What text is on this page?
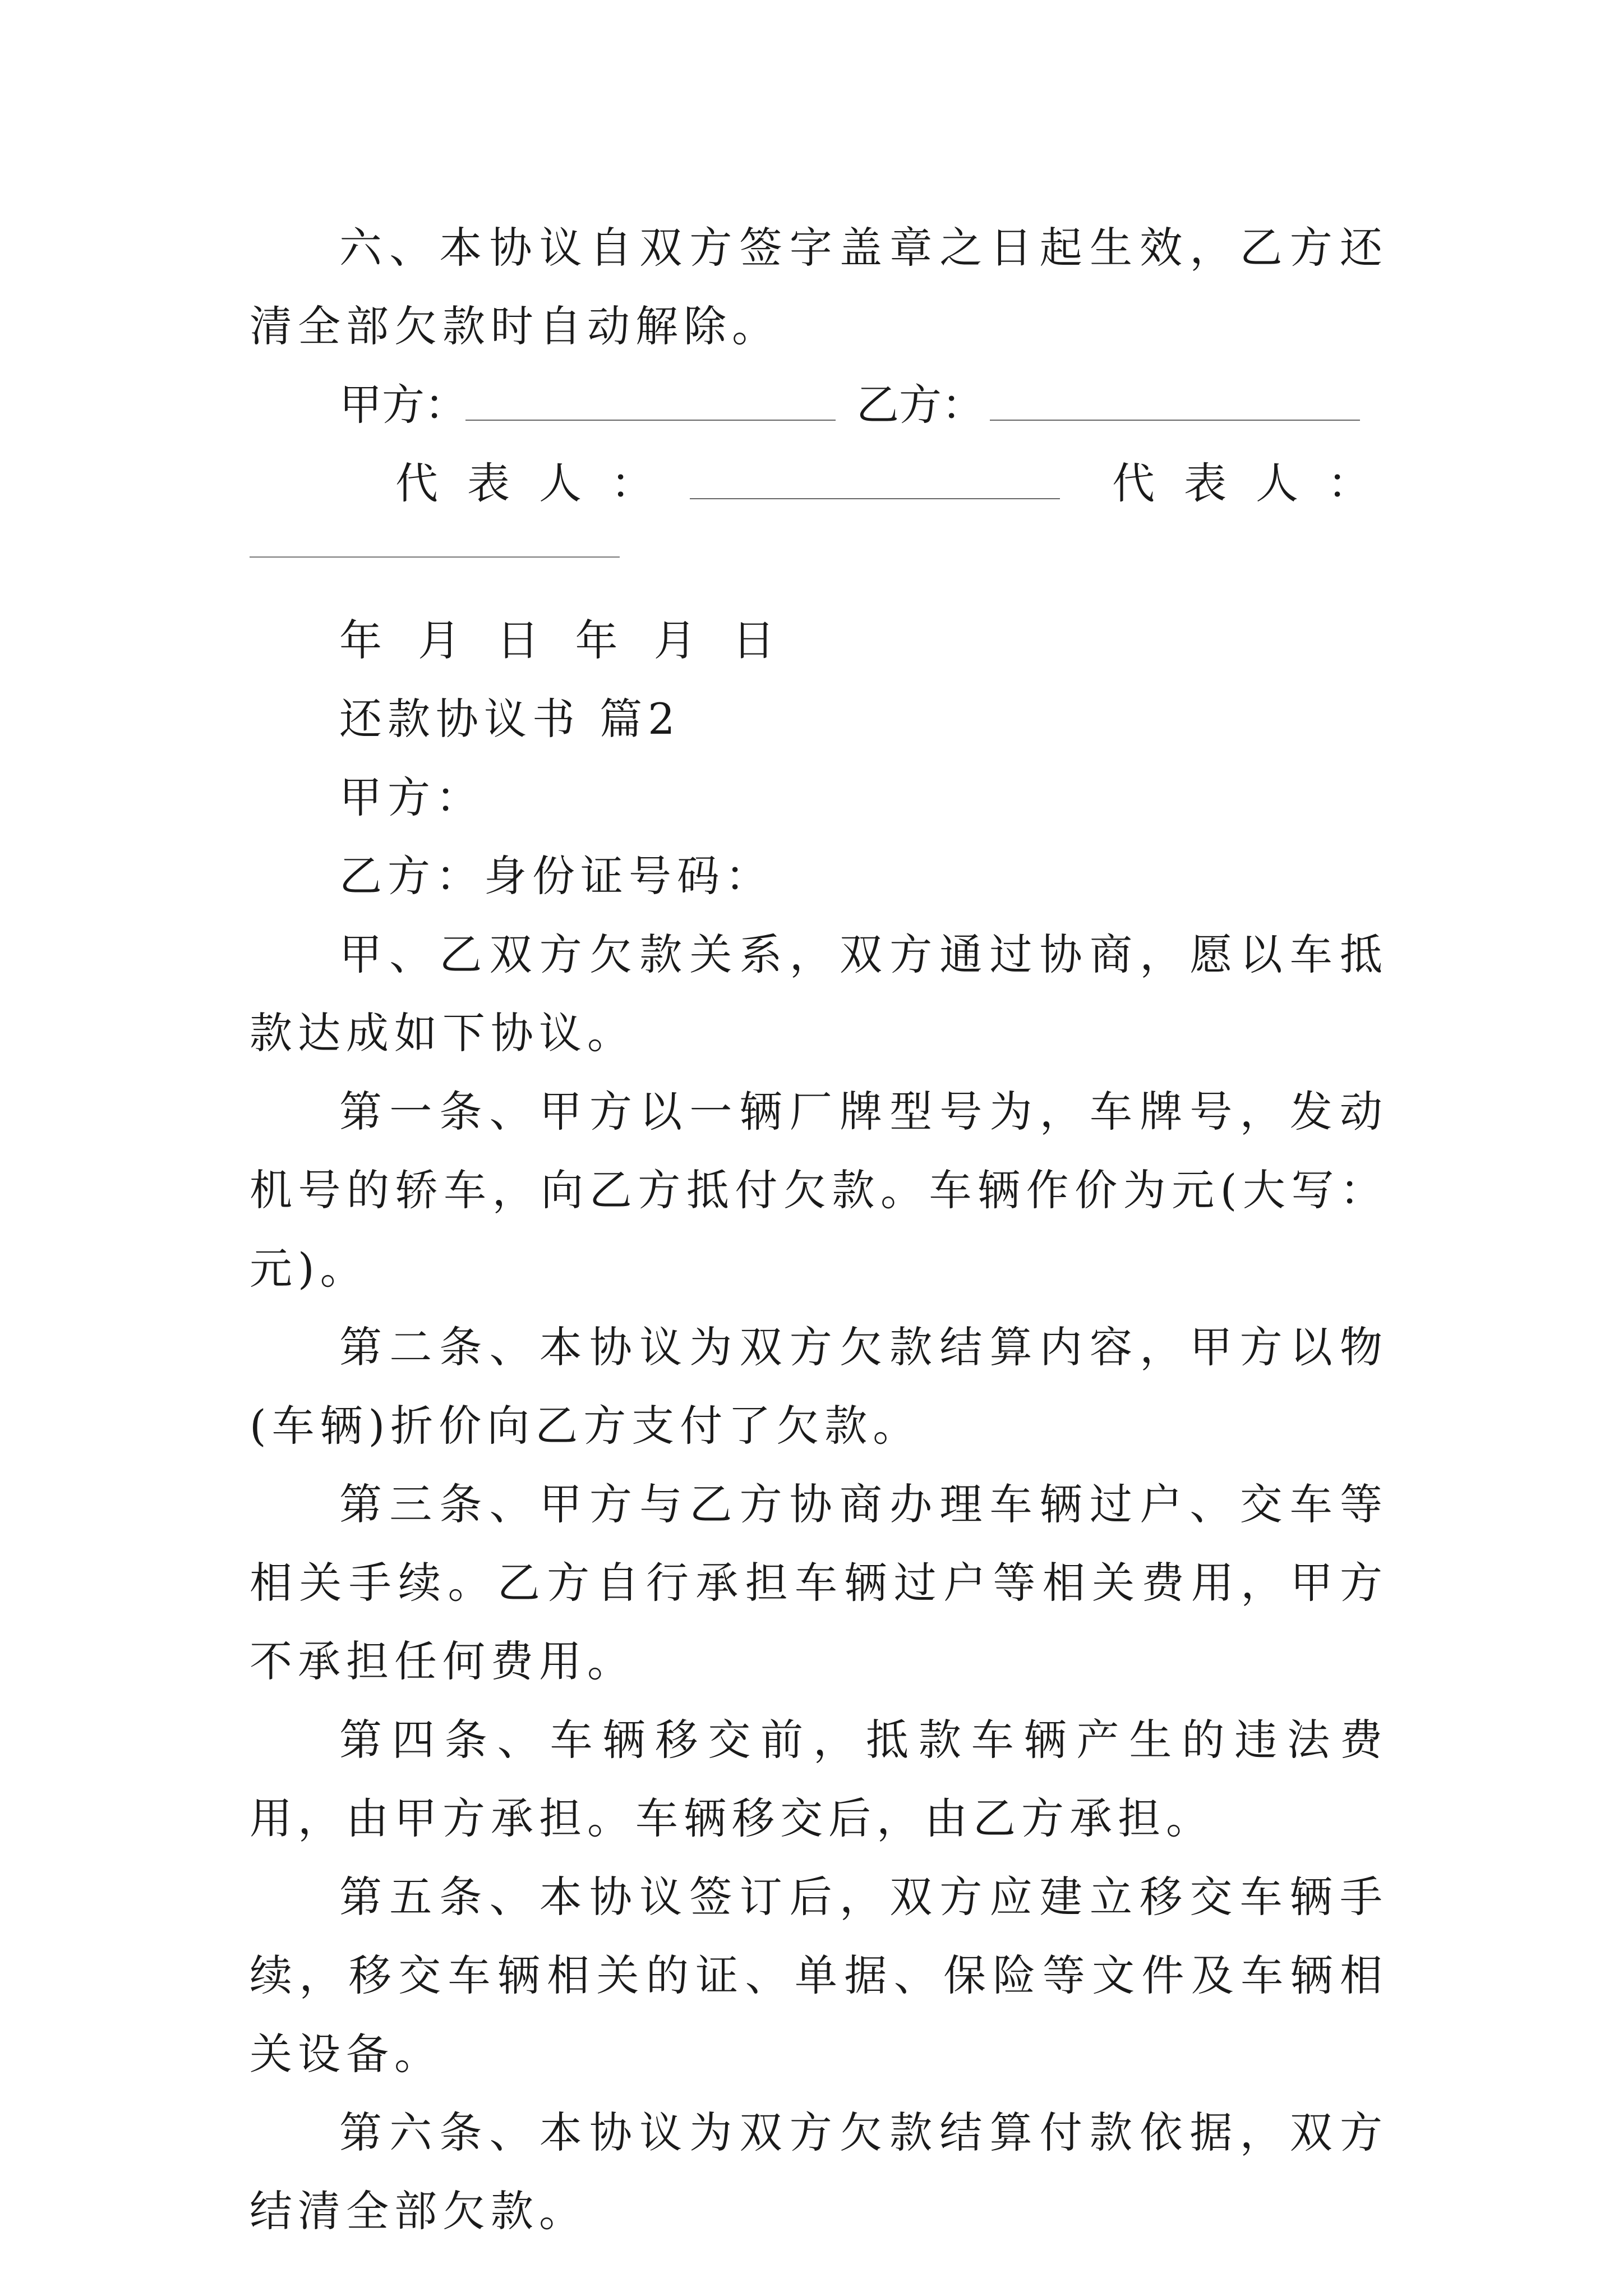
六、本协议自双方签字盖章之日起生效，乙方还清全部欠款时自动解除。

甲方：	乙方：
代表人：	代表人：

年 月 日 年 月 日

还款协议书 篇2

甲方：

乙方：身份证号码：

甲、乙双方欠款关系，双方通过协商，愿以车抵款达成如下协议。

第一条、甲方以一辆厂牌型号为，车牌号，发动机号的轿车，向乙方抵付欠款。车辆作价为元(大写：元)。

第二条、本协议为双方欠款结算内容，甲方以物(车辆)折价向乙方支付了欠款。

第三条、甲方与乙方协商办理车辆过户、交车等相关手续。乙方自行承担车辆过户等相关费用，甲方不承担任何费用。

第四条、车辆移交前，抵款车辆产生的违法费用，由甲方承担。车辆移交后，由乙方承担。

第五条、本协议签订后，双方应建立移交车辆手续，移交车辆相关的证、单据、保险等文件及车辆相关设备。

第六条、本协议为双方欠款结算付款依据，双方结清全部欠款。
